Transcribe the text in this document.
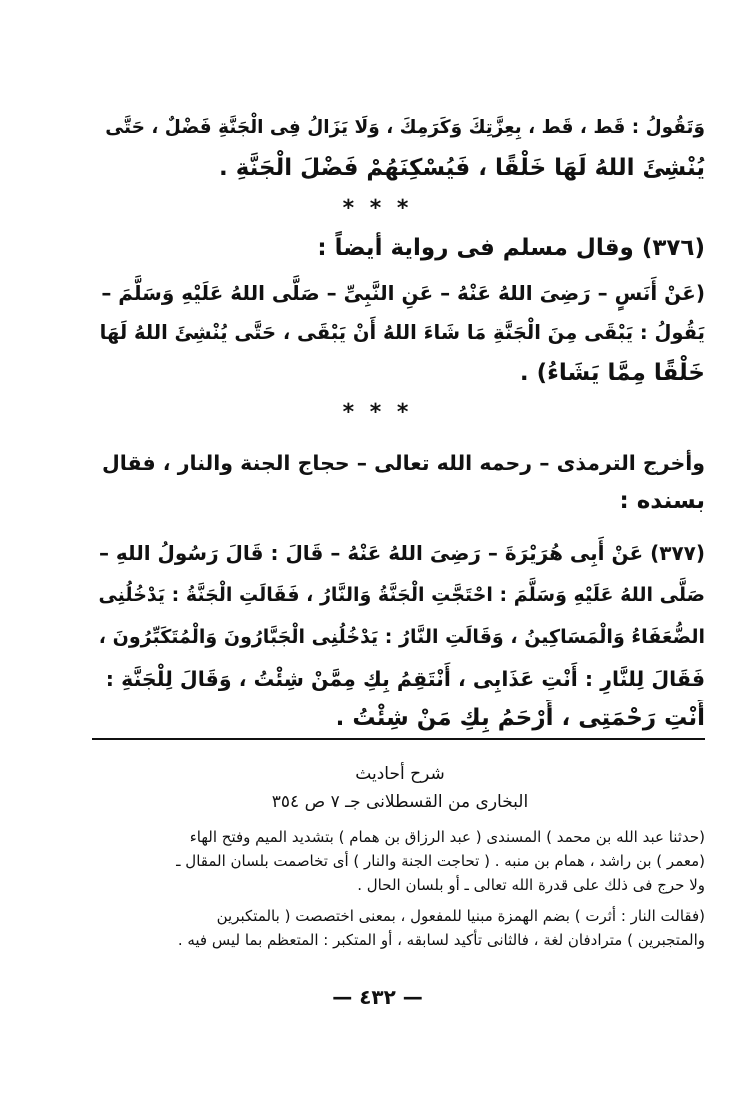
وَتَقُولُ : قَط ، قَط ، بِعِزَّتِكَ وَكَرَمِكَ ، وَلَا يَزَالُ فِى الْجَنَّةِ فَضْلٌ ، حَتَّى
يُنْشِئَ اللهُ لَهَا خَلْقًا ، فَيُسْكِنَهُمْ فَضْلَ الْجَنَّةِ .
* * *
(٣٧٦) وقال مسلم فى رواية أيضاً :
(عَنْ أَنَسٍ – رَضِىَ اللهُ عَنْهُ – عَنِ النَّبِىِّ – صَلَّى اللهُ عَلَيْهِ وَسَلَّمَ –
يَقُولُ : يَبْقَى مِنَ الْجَنَّةِ مَا شَاءَ اللهُ أَنْ يَبْقَى ، حَتَّى يُنْشِئَ اللهُ لَهَا
خَلْقًا مِمَّا يَشَاءُ) .
* * *
وأخرج الترمذى – رحمه الله تعالى – حجاج الجنة والنار ، فقال
بسنده :
(٣٧٧) عَنْ أَبِى هُرَيْرَةَ – رَضِىَ اللهُ عَنْهُ – قَالَ : قَالَ رَسُولُ اللهِ –
صَلَّى اللهُ عَلَيْهِ وَسَلَّمَ : احْتَجَّتِ الْجَنَّةُ وَالنَّارُ ، فَقَالَتِ الْجَنَّةُ : يَدْخُلُنِى
الضُّعَفَاءُ وَالْمَسَاكِينُ ، وَقَالَتِ النَّارُ : يَدْخُلُنِى الْجَبَّارُونَ وَالْمُتَكَبِّرُونَ ،
فَقَالَ لِلنَّارِ : أَنْتِ عَذَابِى ، أَنْتَقِمُ بِكِ مِمَّنْ شِئْتُ ، وَقَالَ لِلْجَنَّةِ :
أَنْتِ رَحْمَتِى ، أَرْحَمُ بِكِ مَنْ شِئْتُ .
شرح أحاديث
البخارى من القسطلانى جـ ٧ ص ٣٥٤
(حدثنا عبد الله بن محمد ) المسندى ( عبد الرزاق بن همام ) بتشديد الميم وفتح الهاء
(معمر ) بن راشد ، همام بن منبه . ( تحاجت الجنة والنار ) أى تخاصمت بلسان المقال ـ
ولا حرج فى ذلك على قدرة الله تعالى ـ أو بلسان الحال .
(فقالت النار : أثرت ) بضم الهمزة مبنيا للمفعول ، بمعنى اختصصت ( بالمتكبرين
والمتجبرين ) مترادفان لغة ، فالثانى تأكيد لسابقه ، أو المتكبر : المتعظم بما ليس فيه .
— ٤٣٢ —
